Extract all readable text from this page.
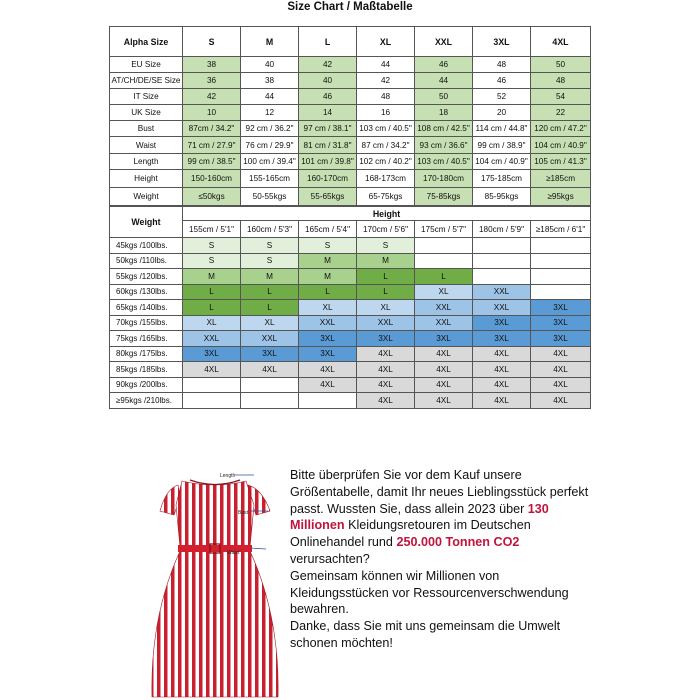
Size Chart / Maßtabelle
Alpha Size	S	M	L	XL	XXL	3XL	4XL
EU Size	38	40	42	44	46	48	50
AT/CH/DE/SE Size	36	38	40	42	44	46	48
IT Size	42	44	46	48	50	52	54
UK Size	10	12	14	16	18	20	22
Bust	87cm / 34.2"	92 cm / 36.2"	97 cm / 38.1"	103 cm / 40.5"	108 cm / 42.5"	114 cm / 44.8"	120 cm / 47.2"
Waist	71 cm / 27.9"	76 cm / 29.9"	81 cm / 31.8"	87 cm / 34.2"	93 cm / 36.6"	99 cm / 38.9"	104 cm / 40.9"
Length	99 cm / 38.5"	100 cm / 39.4"	101 cm / 39.8"	102 cm / 40.2"	103 cm / 40.5"	104 cm / 40.9"	105 cm / 41.3"
Height	150-160cm	155-165cm	160-170cm	168-173cm	170-180cm	175-185cm	≥185cm
Weight	≤50kgs	50-55kgs	55-65kgs	65-75kgs	75-85kgs	85-95kgs	≥95kgs
Weight	Height						
	155cm / 5'1"	160cm / 5'3"	165cm / 5'4"	170cm / 5'6"	175cm / 5'7"	180cm / 5'9"	≥185cm / 6'1"
45kgs /100lbs.	S	S	S	S			
50kgs /110lbs.	S	S	M	M			
55kgs /120lbs.	M	M	M	L	L		
60kgs /130lbs.	L	L	L	L	XL	XXL	
65kgs /140lbs.	L	L	XL	XL	XXL	XXL	3XL
70kgs /155lbs.	XL	XL	XXL	XXL	XXL	3XL	3XL
75kgs /165lbs.	XXL	XXL	3XL	3XL	3XL	3XL	3XL
80kgs /175lbs.	3XL	3XL	3XL	4XL	4XL	4XL	4XL
85kgs /185lbs.	4XL	4XL	4XL	4XL	4XL	4XL	4XL
90kgs /200lbs.			4XL	4XL	4XL	4XL	4XL
≥95kgs /210lbs.				4XL	4XL	4XL	4XL
Length
Bust
Waist

Bitte überprüfen Sie vor dem Kauf unsere Größentabelle, damit Ihr neues Lieblingsstück perfekt passt. Wussten Sie, dass allein 2023 über 130 Millionen Kleidungsretouren im Deutschen Onlinehandel rund 250.000 Tonnen CO2 verursachten?

Gemeinsam können wir Millionen von Kleidungsstücken vor Ressourcenverschwendung bewahren.

Danke, dass Sie mit uns gemeinsam die Umwelt schonen möchten!
